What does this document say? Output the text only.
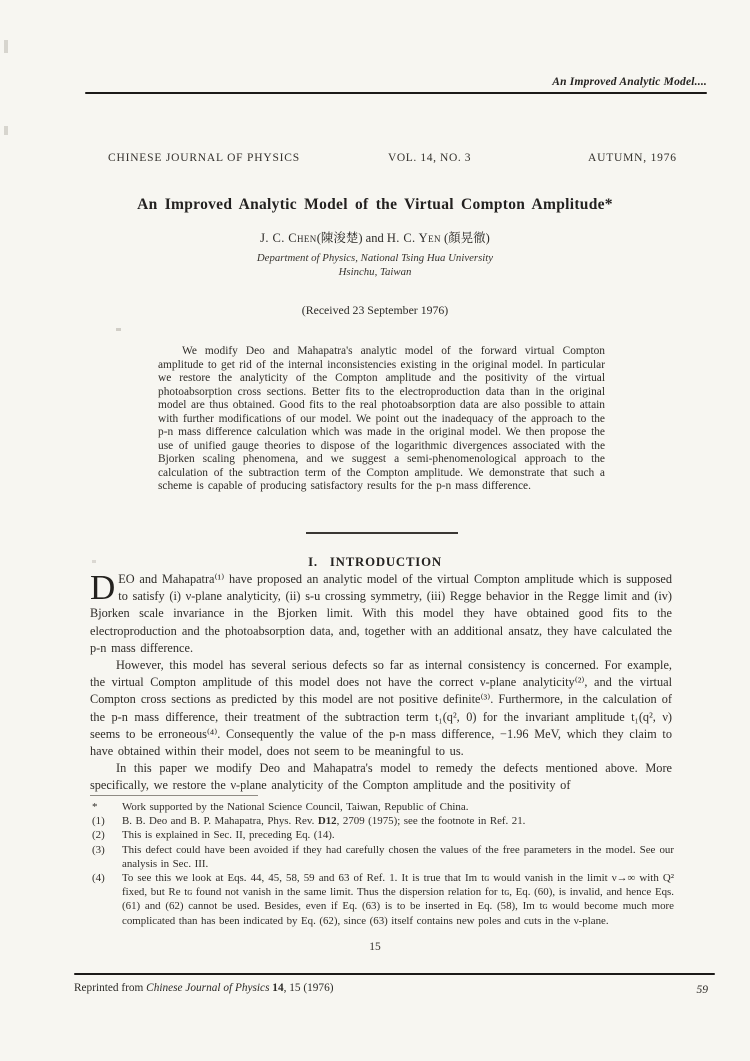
An Improved Analytic Model....
CHINESE JOURNAL OF PHYSICS	VOL. 14, NO. 3	AUTUMN, 1976
An Improved Analytic Model of the Virtual Compton Amplitude*
J. C. Chen(陳浚楚) and H. C. Yen (顏晃徹)
Department of Physics, National Tsing Hua University
Hsinchu, Taiwan
(Received 23 September 1976)
We modify Deo and Mahapatra's analytic model of the forward virtual Compton amplitude to get rid of the internal inconsistencies existing in the original model. In particular we restore the analyticity of the Compton amplitude and the positivity of the virtual photoabsorption cross sections. Better fits to the electroproduction data than in the original model are thus obtained. Good fits to the real photoabsorption data are also possible to attain with further modifications of our model. We point out the inadequacy of the approach to the p-n mass difference calculation which was made in the original model. We then propose the use of unified gauge theories to dispose of the logarithmic divergences associated with the Bjorken scaling phenomena, and we suggest a semi-phenomenological approach to the calculation of the subtraction term of the Compton amplitude. We demonstrate that such a scheme is capable of producing satisfactory results for the p-n mass difference.
I. INTRODUCTION

DEO and Mahapatra⁽¹⁾ have proposed an analytic model of the virtual Compton amplitude which is supposed to satisfy (i) ν-plane analyticity, (ii) s-u crossing symmetry, (iii) Regge behavior in the Regge limit and (iv) Bjorken scale invariance in the Bjorken limit. With this model they have obtained good fits to the electroproduction and the photoabsorption data, and, together with an additional ansatz, they have calculated the p-n mass difference.

However, this model has several serious defects so far as internal consistency is concerned. For example, the virtual Compton amplitude of this model does not have the correct ν-plane analyticity⁽²⁾, and the virtual Compton cross sections as predicted by this model are not positive definite⁽³⁾. Furthermore, in the calculation of the p-n mass difference, their treatment of the subtraction term t₁(q², 0) for the invariant amplitude t₁(q², ν) seems to be erroneous⁽⁴⁾. Consequently the value of the p-n mass difference, −1.96 MeV, which they claim to have obtained within their model, does not seem to be meaningful to us.

In this paper we modify Deo and Mahapatra's model to remedy the defects mentioned above. More specifically, we restore the ν-plane analyticity of the Compton amplitude and the positivity of

*	Work supported by the National Science Council, Taiwan, Republic of China.
(1)	B. B. Deo and B. P. Mahapatra, Phys. Rev. D12, 2709 (1975); see the footnote in Ref. 21.
(2)	This is explained in Sec. II, preceding Eq. (14).
(3)	This defect could have been avoided if they had carefully chosen the values of the free parameters in the model. See our analysis in Sec. III.
(4)	To see this we look at Eqs. 44, 45, 58, 59 and 63 of Ref. 1. It is true that Im tɢ would vanish in the limit ν→∞ with Q² fixed, but Re tɢ found not vanish in the same limit. Thus the dispersion relation for tɢ, Eq. (60), is invalid, and hence Eqs. (61) and (62) cannot be used. Besides, even if Eq. (63) is to be inserted in Eq. (58), Im tɢ would become much more complicated than has been indicated by Eq. (62), since (63) itself contains new poles and cuts in the ν-plane.
15
Reprinted from Chinese Journal of Physics 14, 15 (1976)	59
